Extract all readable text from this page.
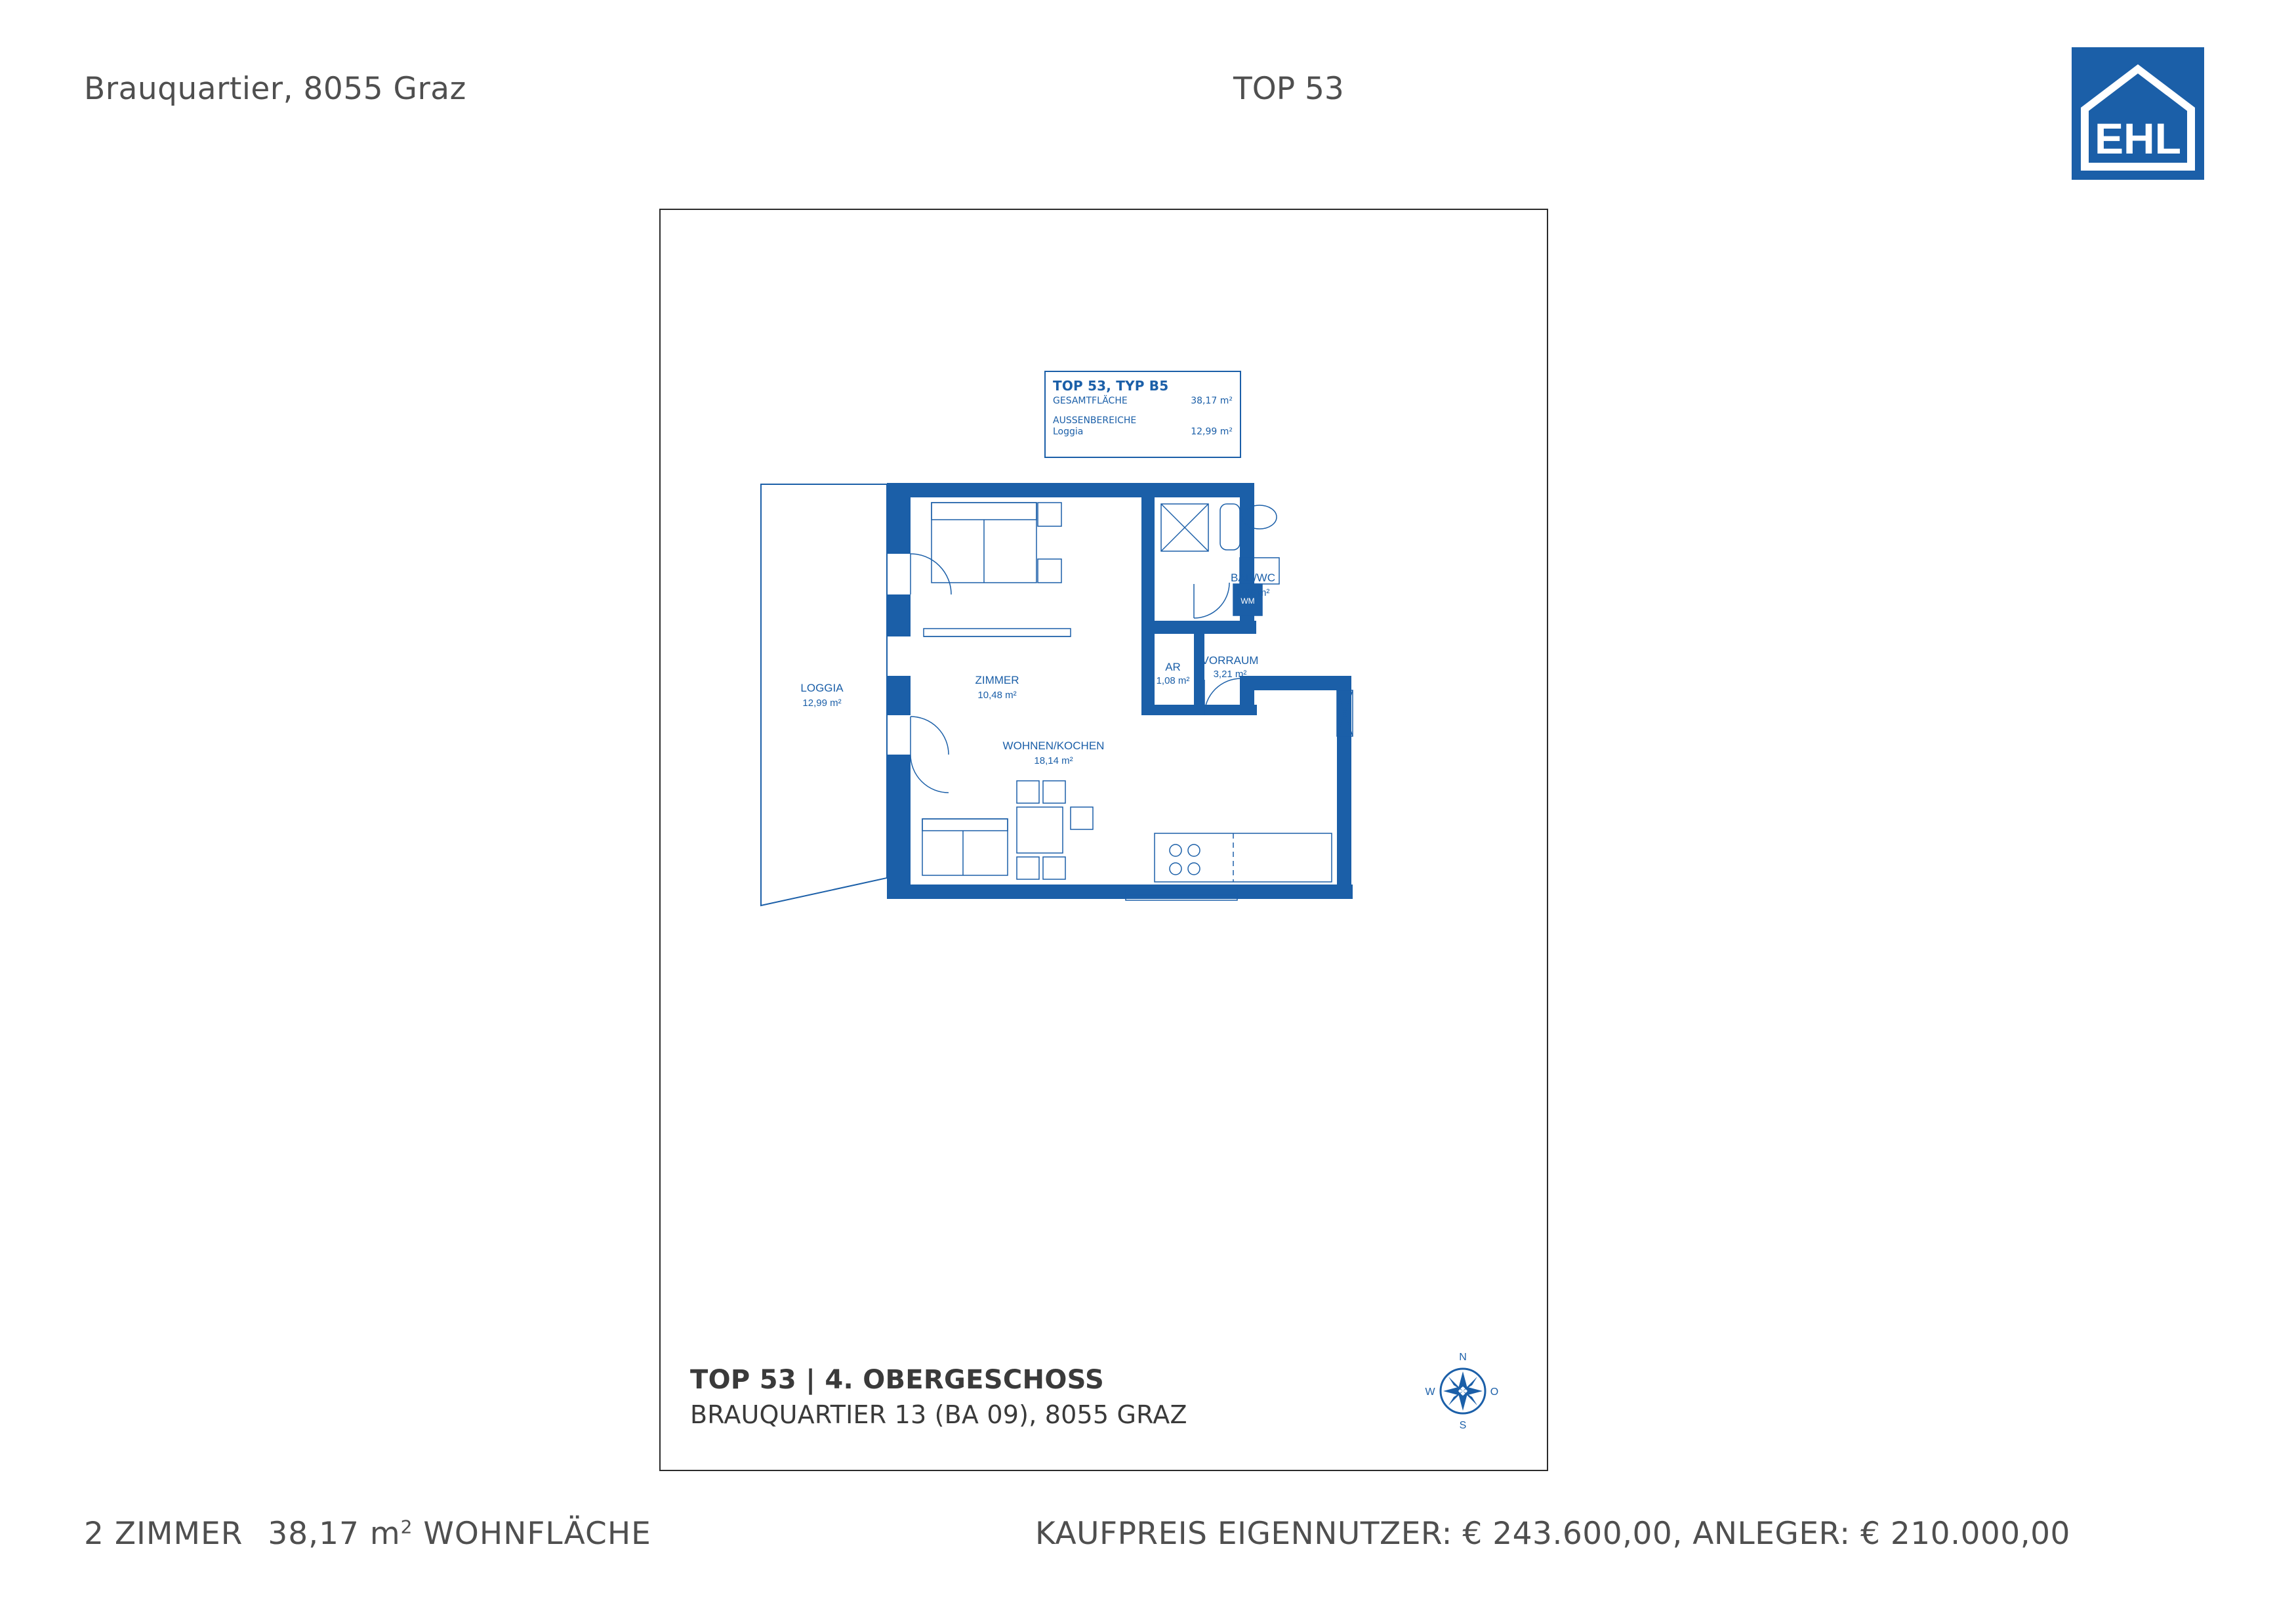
Brauquartier, 8055 Graz	TOP 53
EHL
TOP 53, TYP B5
GESAMTFLÄCHE	38,17 m²
AUSSENBEREICHE
Loggia	12,99 m²
ZIMMER
10,48 m²
LOGGIA
12,99 m²
WM
BAD/WC
5,26 m²
AR
1,08 m²
VORRAUM
3,21 m²
WOHNEN/KOCHEN
18,14 m²
TOP 53 | 4. OBERGESCHOSS
BRAUQUARTIER 13 (BA 09), 8055 GRAZ
N
O
S
W
2 ZIMMER 38,17 $m^2$ WOHNFLÄCHE	KAUFPREIS EIGENNUTZER: € 243.600,00, ANLEGER: € 210.000,00
